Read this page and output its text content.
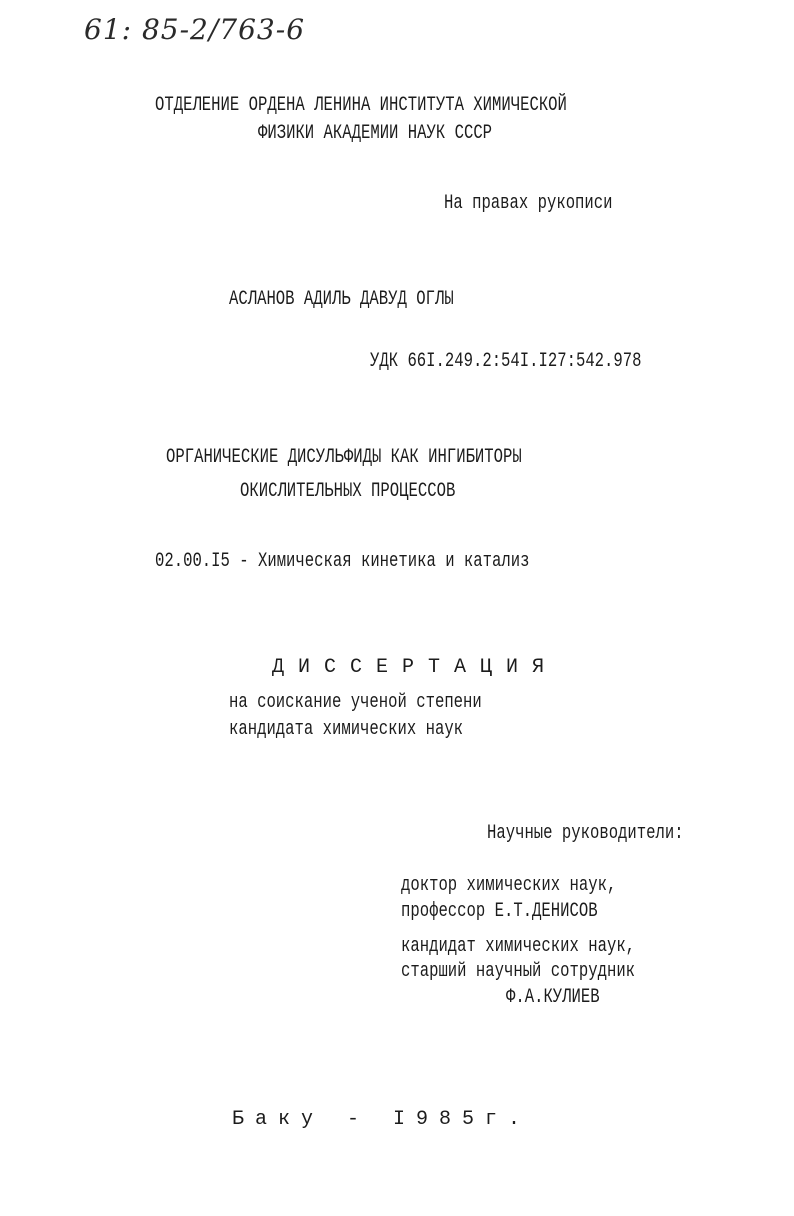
61: 85-2/763-6
ОТДЕЛЕНИЕ ОРДЕНА ЛЕНИНА ИНСТИТУТА ХИМИЧЕСКОЙ
ФИЗИКИ АКАДЕМИИ НАУК СССР
На правах рукописи
АСЛАНОВ АДИЛЬ ДАВУД ОГЛЫ
УДК 66I.249.2:54I.I27:542.978
ОРГАНИЧЕСКИЕ ДИСУЛЬФИДЫ КАК ИНГИБИТОРЫ
ОКИСЛИТЕЛЬНЫХ ПРОЦЕССОВ
02.00.I5 - Химическая кинетика и катализ
ДИССЕРТАЦИЯ
на соискание ученой степени
кандидата химических наук
Научные руководители:
доктор химических наук,
профессор Е.Т.ДЕНИСОВ
кандидат химических наук,
старший научный сотрудник
Ф.А.КУЛИЕВ
Баку - I985г.
